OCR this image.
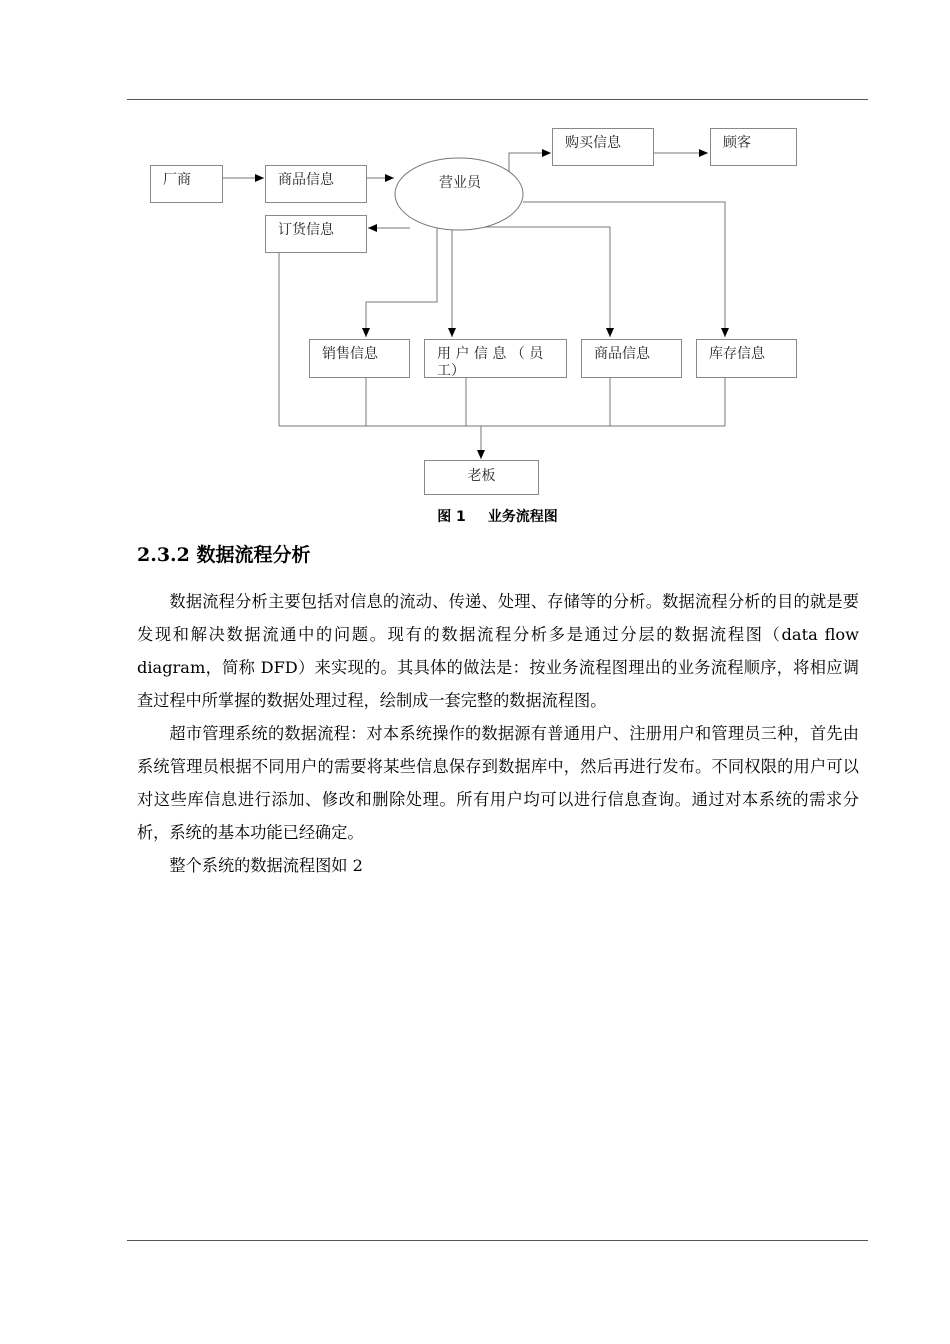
厂商	商品信息	营业员
购买信息	顾客
订货信息
销售信息	用 户 信 息 （ 员 工）
商品信息	库存信息
老板
图 1 业务流程图
2.3.2 数据流程分析

数据流程分析主要包括对信息的流动、传递、处理、存储等的分析。数据流程分析的目的就是要发现和解决数据流通中的问题。现有的数据流程分析多是通过分层的数据流程图（data flow diagram，简称 DFD）来实现的。其具体的做法是：按业务流程图理出的业务流程顺序，将相应调查过程中所掌握的数据处理过程，绘制成一套完整的数据流程图。

超市管理系统的数据流程：对本系统操作的数据源有普通用户、注册用户和管理员三种，首先由系统管理员根据不同用户的需要将某些信息保存到数据库中，然后再进行发布。不同权限的用户可以对这些库信息进行添加、修改和删除处理。所有用户均可以进行信息查询。通过对本系统的需求分析，系统的基本功能已经确定。

整个系统的数据流程图如 2
